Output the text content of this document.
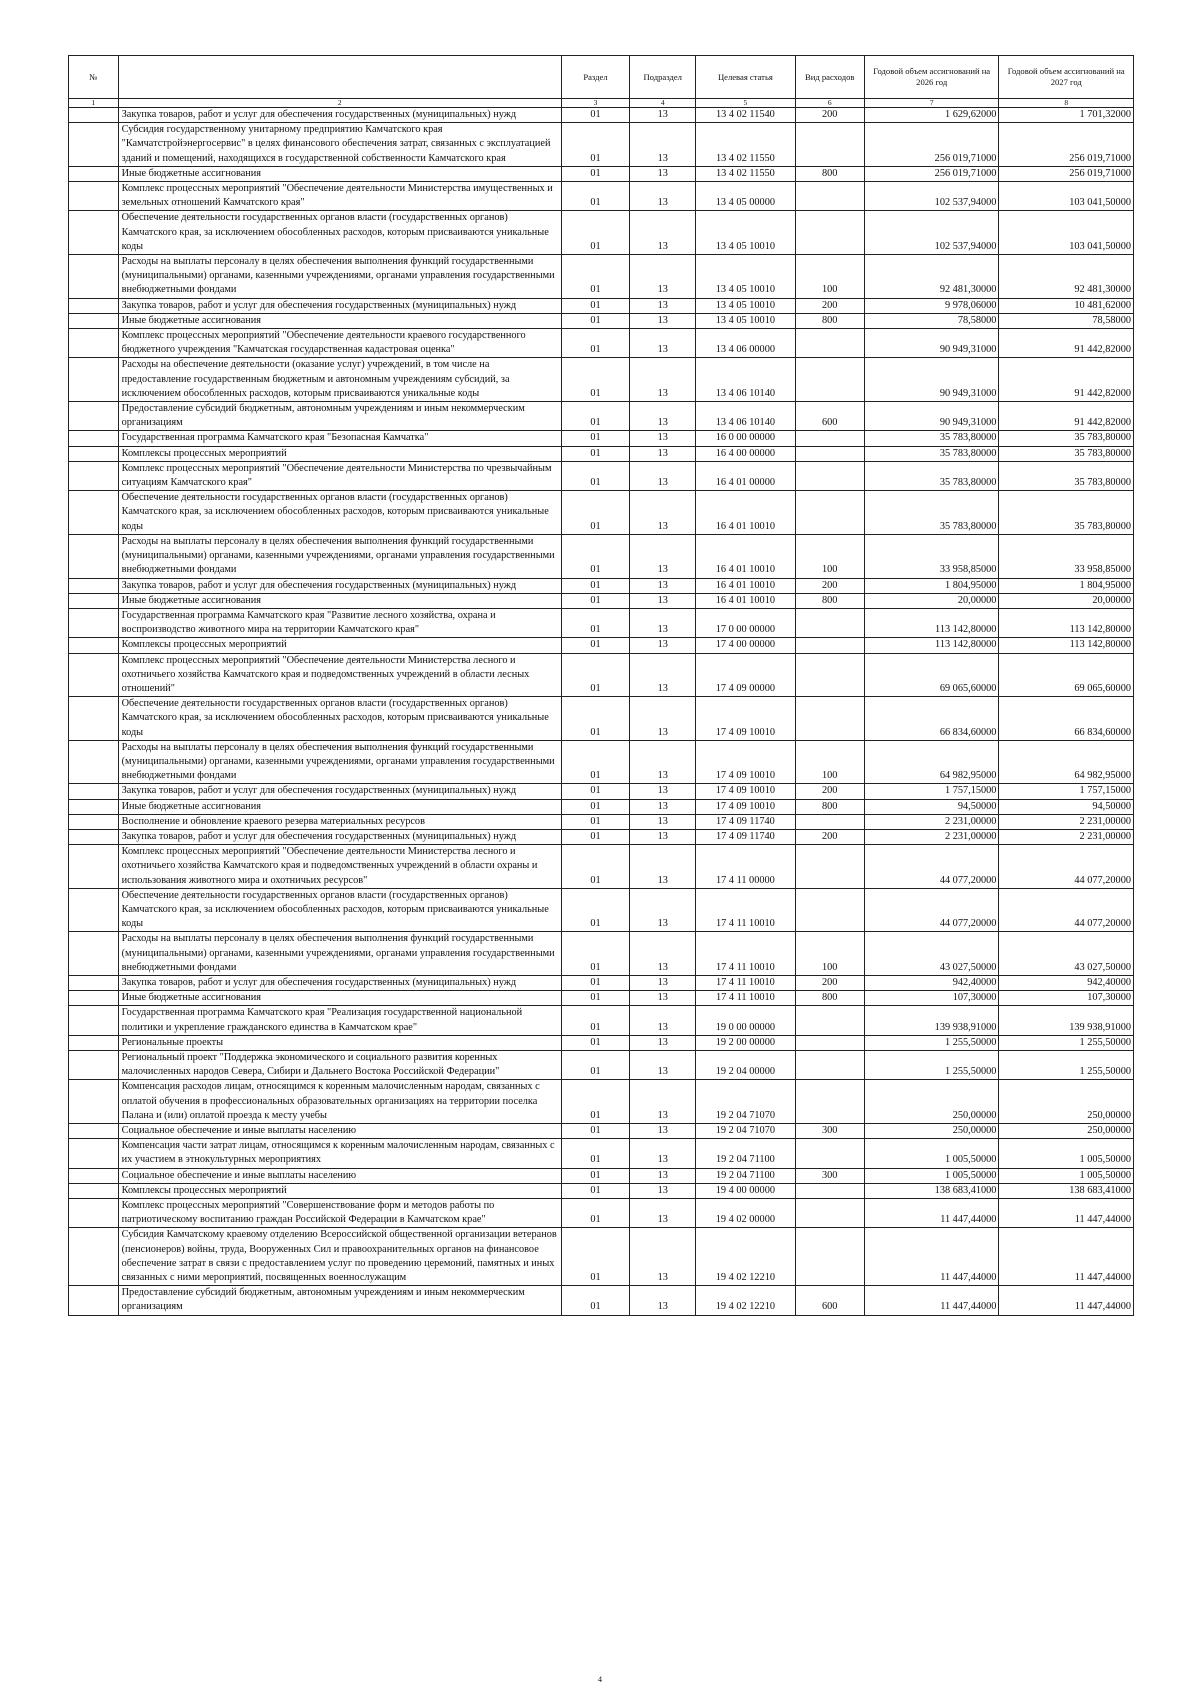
№		Раздел	Подраздел	Целевая статья	Вид расходов	Годовой объем ассигнований на 2026 год	Годовой объем ассигнований на 2027 год
1	2	3	4	5	6	7	8
	Закупка товаров, работ и услуг для обеспечения государственных (муниципальных) нужд	01	13	13 4 02 11540	200	1 629,62000	1 701,32000
	Субсидия государственному унитарному предприятию Камчатского края "Камчатстройэнергосервис" в целях финансового обеспечения затрат, связанных с эксплуатацией зданий и помещений, находящихся в государственной собственности Камчатского края	01	13	13 4 02 11550		256 019,71000	256 019,71000
	Иные бюджетные ассигнования	01	13	13 4 02 11550	800	256 019,71000	256 019,71000
	Комплекс процессных мероприятий "Обеспечение деятельности Министерства имущественных и земельных отношений Камчатского края"	01	13	13 4 05 00000		102 537,94000	103 041,50000
	Обеспечение деятельности государственных органов власти (государственных органов) Камчатского края, за исключением обособленных расходов, которым присваиваются уникальные коды	01	13	13 4 05 10010		102 537,94000	103 041,50000
	Расходы на выплаты персоналу в целях обеспечения выполнения функций государственными (муниципальными) органами, казенными учреждениями, органами управления государственными внебюджетными фондами	01	13	13 4 05 10010	100	92 481,30000	92 481,30000
	Закупка товаров, работ и услуг для обеспечения государственных (муниципальных) нужд	01	13	13 4 05 10010	200	9 978,06000	10 481,62000
	Иные бюджетные ассигнования	01	13	13 4 05 10010	800	78,58000	78,58000
	Комплекс процессных мероприятий "Обеспечение деятельности краевого государственного бюджетного учреждения "Камчатская государственная кадастровая оценка"	01	13	13 4 06 00000		90 949,31000	91 442,82000
	Расходы на обеспечение деятельности (оказание услуг) учреждений, в том числе на предоставление государственным бюджетным и автономным учреждениям субсидий, за исключением обособленных расходов, которым присваиваются уникальные коды	01	13	13 4 06 10140		90 949,31000	91 442,82000
	Предоставление субсидий бюджетным, автономным учреждениям и иным некоммерческим организациям	01	13	13 4 06 10140	600	90 949,31000	91 442,82000
	Государственная программа Камчатского края "Безопасная Камчатка"	01	13	16 0 00 00000		35 783,80000	35 783,80000
	Комплексы процессных мероприятий	01	13	16 4 00 00000		35 783,80000	35 783,80000
	Комплекс процессных мероприятий "Обеспечение деятельности Министерства по чрезвычайным ситуациям Камчатского края"	01	13	16 4 01 00000		35 783,80000	35 783,80000
	Обеспечение деятельности государственных органов власти (государственных органов) Камчатского края, за исключением обособленных расходов, которым присваиваются уникальные коды	01	13	16 4 01 10010		35 783,80000	35 783,80000
	Расходы на выплаты персоналу в целях обеспечения выполнения функций государственными (муниципальными) органами, казенными учреждениями, органами управления государственными внебюджетными фондами	01	13	16 4 01 10010	100	33 958,85000	33 958,85000
	Закупка товаров, работ и услуг для обеспечения государственных (муниципальных) нужд	01	13	16 4 01 10010	200	1 804,95000	1 804,95000
	Иные бюджетные ассигнования	01	13	16 4 01 10010	800	20,00000	20,00000
	Государственная программа Камчатского края "Развитие лесного хозяйства, охрана и воспроизводство животного мира на территории Камчатского края"	01	13	17 0 00 00000		113 142,80000	113 142,80000
	Комплексы процессных мероприятий	01	13	17 4 00 00000		113 142,80000	113 142,80000
	Комплекс процессных мероприятий "Обеспечение деятельности Министерства лесного и охотничьего хозяйства Камчатского края и подведомственных учреждений в области лесных отношений"	01	13	17 4 09 00000		69 065,60000	69 065,60000
	Обеспечение деятельности государственных органов власти (государственных органов) Камчатского края, за исключением обособленных расходов, которым присваиваются уникальные коды	01	13	17 4 09 10010		66 834,60000	66 834,60000
	Расходы на выплаты персоналу в целях обеспечения выполнения функций государственными (муниципальными) органами, казенными учреждениями, органами управления государственными внебюджетными фондами	01	13	17 4 09 10010	100	64 982,95000	64 982,95000
	Закупка товаров, работ и услуг для обеспечения государственных (муниципальных) нужд	01	13	17 4 09 10010	200	1 757,15000	1 757,15000
	Иные бюджетные ассигнования	01	13	17 4 09 10010	800	94,50000	94,50000
	Восполнение и обновление краевого резерва материальных ресурсов	01	13	17 4 09 11740		2 231,00000	2 231,00000
	Закупка товаров, работ и услуг для обеспечения государственных (муниципальных) нужд	01	13	17 4 09 11740	200	2 231,00000	2 231,00000
	Комплекс процессных мероприятий "Обеспечение деятельности Министерства лесного и охотничьего хозяйства Камчатского края и подведомственных учреждений в области охраны и использования животного мира и охотничьих ресурсов"	01	13	17 4 11 00000		44 077,20000	44 077,20000
	Обеспечение деятельности государственных органов власти (государственных органов) Камчатского края, за исключением обособленных расходов, которым присваиваются уникальные коды	01	13	17 4 11 10010		44 077,20000	44 077,20000
	Расходы на выплаты персоналу в целях обеспечения выполнения функций государственными (муниципальными) органами, казенными учреждениями, органами управления государственными внебюджетными фондами	01	13	17 4 11 10010	100	43 027,50000	43 027,50000
	Закупка товаров, работ и услуг для обеспечения государственных (муниципальных) нужд	01	13	17 4 11 10010	200	942,40000	942,40000
	Иные бюджетные ассигнования	01	13	17 4 11 10010	800	107,30000	107,30000
	Государственная программа Камчатского края "Реализация государственной национальной политики и укрепление гражданского единства в Камчатском крае"	01	13	19 0 00 00000		139 938,91000	139 938,91000
	Региональные проекты	01	13	19 2 00 00000		1 255,50000	1 255,50000
	Региональный проект "Поддержка экономического и социального развития коренных малочисленных народов Севера, Сибири и Дальнего Востока Российской Федерации"	01	13	19 2 04 00000		1 255,50000	1 255,50000
	Компенсация расходов лицам, относящимся к коренным малочисленным народам, связанных с оплатой обучения в профессиональных образовательных организациях на территории поселка Палана и (или) оплатой проезда к месту учебы	01	13	19 2 04 71070		250,00000	250,00000
	Социальное обеспечение и иные выплаты населению	01	13	19 2 04 71070	300	250,00000	250,00000
	Компенсация части затрат лицам, относящимся к коренным малочисленным народам, связанных с их участием в этнокультурных мероприятиях	01	13	19 2 04 71100		1 005,50000	1 005,50000
	Социальное обеспечение и иные выплаты населению	01	13	19 2 04 71100	300	1 005,50000	1 005,50000
	Комплексы процессных мероприятий	01	13	19 4 00 00000		138 683,41000	138 683,41000
	Комплекс процессных мероприятий "Совершенствование форм и методов работы по патриотическому воспитанию граждан Российской Федерации в Камчатском крае"	01	13	19 4 02 00000		11 447,44000	11 447,44000
	Субсидия Камчатскому краевому отделению Всероссийской общественной организации ветеранов (пенсионеров) войны, труда, Вооруженных Сил и правоохранительных органов на финансовое обеспечение затрат в связи с предоставлением услуг по проведению церемоний, памятных и иных связанных с ними мероприятий, посвященных военнослужащим	01	13	19 4 02 12210		11 447,44000	11 447,44000
	Предоставление субсидий бюджетным, автономным учреждениям и иным некоммерческим организациям	01	13	19 4 02 12210	600	11 447,44000	11 447,44000
4
